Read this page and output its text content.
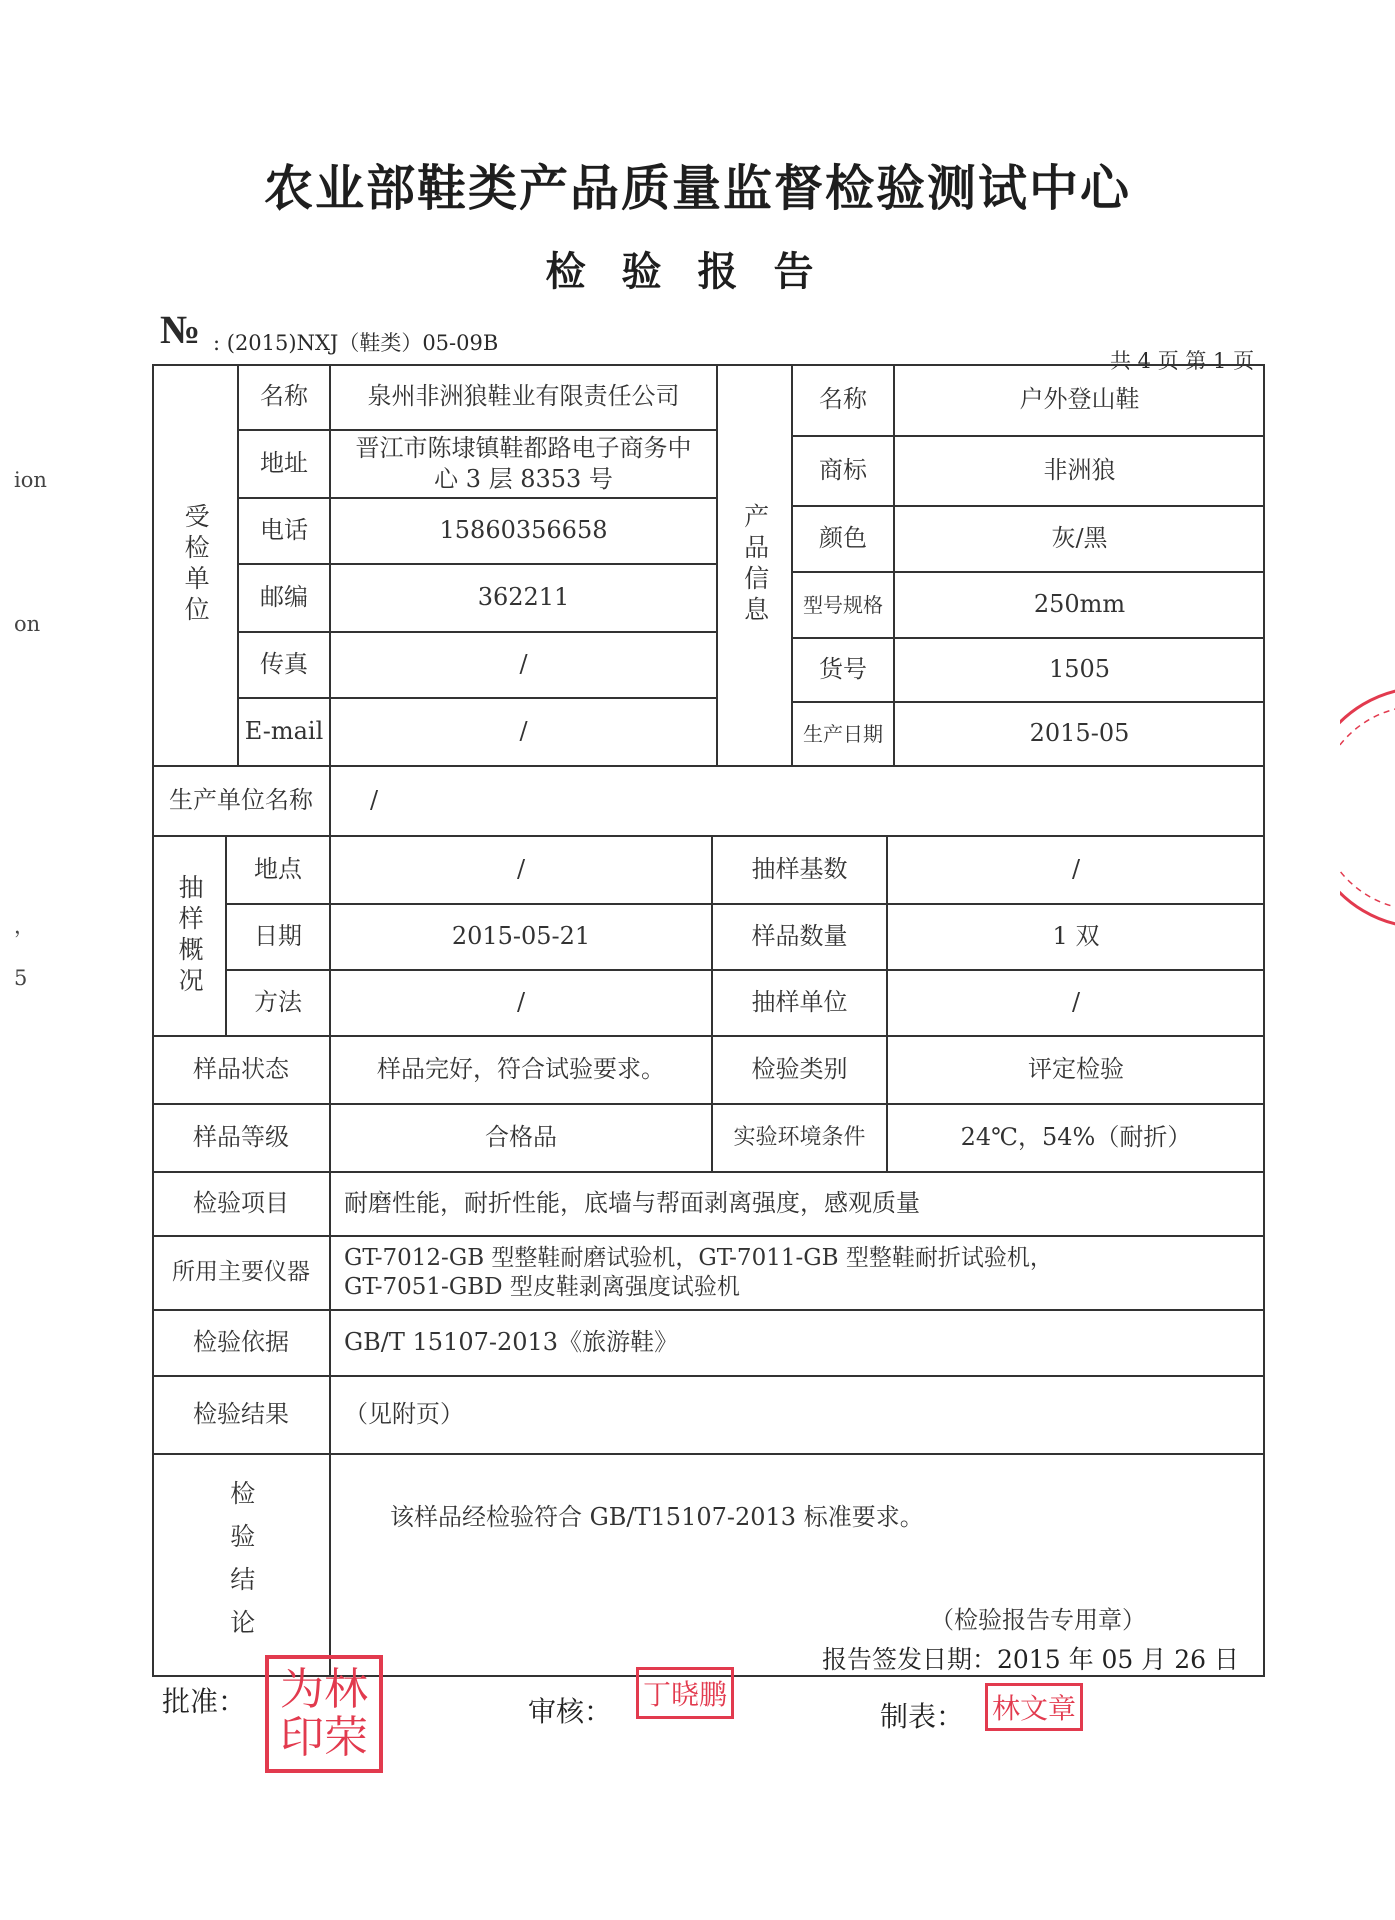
农业部鞋类产品质量监督检验测试中心
检验报告
№ : (2015)NXJ（鞋类）05-09B
共 4 页 第 1 页
ion
on
，
5
受检单位
名称	泉州非洲狼鞋业有限责任公司
地址
晋江市陈埭镇鞋都路电子商务中心 3 层 8353 号
电话	15860356658
邮编	362211
传真	/
E-mail	/
产品信息
名称	户外登山鞋
商标	非洲狼
颜色	灰/黑
型号规格	250mm
货号	1505
生产日期	2015-05
生产单位名称	/
抽样概况
地点	/	抽样基数	/
日期	2015-05-21	样品数量	1 双
方法	/	抽样单位	/
样品状态	样品完好，符合试验要求。	检验类别	评定检验
样品等级	合格品	实验环境条件	24℃，54%（耐折）
检验项目	耐磨性能，耐折性能，底墙与帮面剥离强度，感观质量
所用主要仪器
GT-7012-GB 型整鞋耐磨试验机，GT-7011-GB 型整鞋耐折试验机，
GT-7051-GBD 型皮鞋剥离强度试验机
检验依据	GB/T 15107-2013《旅游鞋》
检验结果	（见附页）
检验结论	该样品经检验符合 GB/T15107-2013 标准要求。
（检验报告专用章）
报告签发日期：2015 年 05 月 26 日
批准： 为林
印荣
审核：
丁晓鹏
制表： 林文章
